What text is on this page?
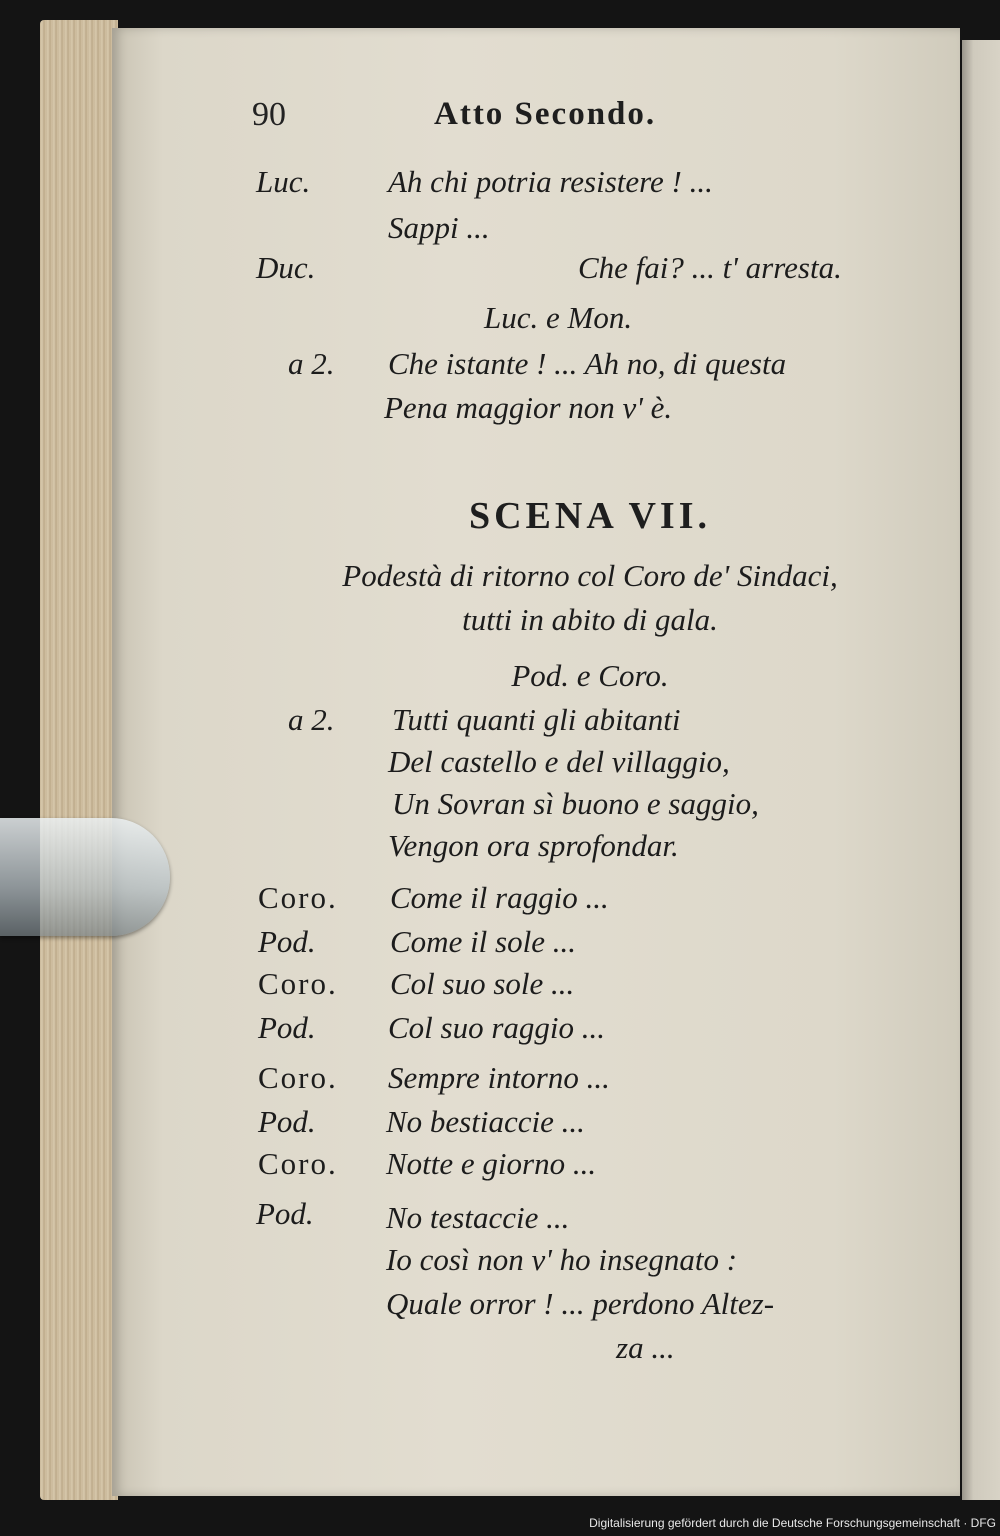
90	Atto Secondo.
Luc.	Ah chi potria resistere ! ...
Sappi ...
Duc.	Che fai? ... t' arresta.
Luc. e Mon.
a 2. Che istante ! ... Ah no, di questa
Pena maggior non v' è.
SCENA VII.
Podestà di ritorno col Coro de' Sindaci,
tutti in abito di gala.
Pod. e Coro.
a 2. Tutti quanti gli abitanti
Del castello e del villaggio,
Un Sovran sì buono e saggio,
Vengon ora sprofondar.
Coro. Come il raggio ...
Pod. Come il sole ...
Coro. Col suo sole ...
Pod. Col suo raggio ...
Coro. Sempre intorno ...
Pod. No bestiaccie ...
Coro. Notte e giorno ...
Pod. No testaccie ...
Io così non v' ho insegnato :
Quale orror ! ... perdono Altez-
za ...
Digitalisierung gefördert durch die Deutsche Forschungsgemeinschaft · DFG
